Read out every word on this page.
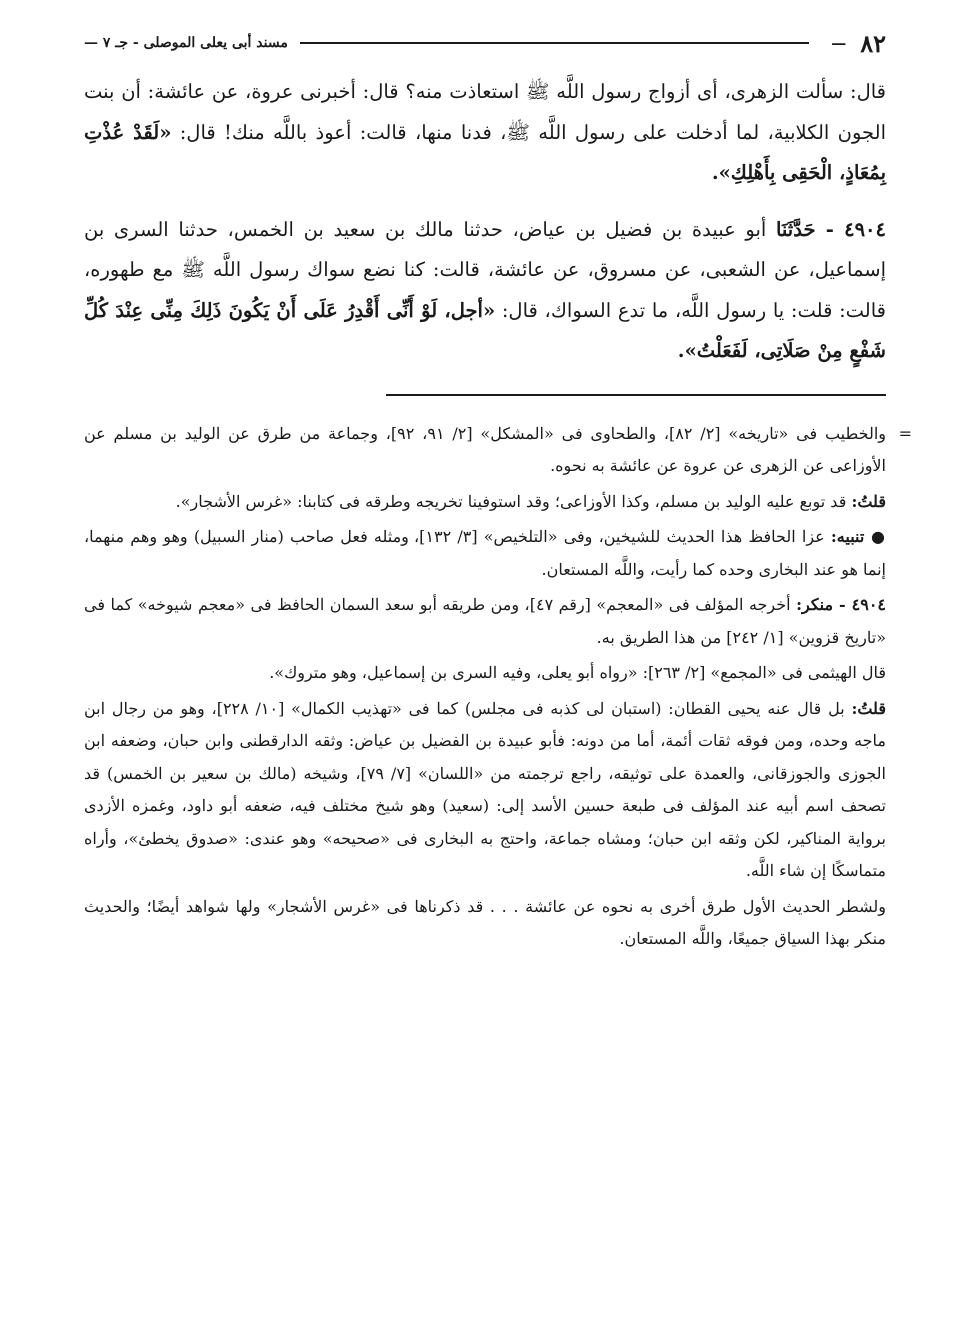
٨٢
—
مسند أبى يعلى الموصلى - جـ ٧ —

قال: سألت الزهرى، أى أزواج رسول اللَّه ﷺ استعاذت منه؟ قال: أخبرنى عروة، عن عائشة: أن بنت الجون الكلابية، لما أدخلت على رسول اللَّه ﷺ، فدنا منها، قالت: أعوذ باللَّه منك! قال: «لَقَدْ عُذْتِ بِمُعَاذٍ، الْحَقِى بِأَهْلِكِ».

٤٩٠٤ - حَدَّثَنَا أبو عبيدة بن فضيل بن عياض، حدثنا مالك بن سعيد بن الخمس، حدثنا السرى بن إسماعيل، عن الشعبى، عن مسروق، عن عائشة، قالت: كنا نضع سواك رسول اللَّه ﷺ مع طهوره، قالت: قلت: يا رسول اللَّه، ما تدع السواك، قال: «أجل، لَوْ أَنِّى أَقْدِرُ عَلَى أَنْ يَكُونَ ذَلِكَ مِنِّى عِنْدَ كُلِّ شَفْعٍ مِنْ صَلَاتِى، لَفَعَلْتُ».

= والخطيب فى «تاريخه» [٢/ ٨٢]، والطحاوى فى «المشكل» [٢/ ٩١، ٩٢]، وجماعة من طرق عن الوليد بن مسلم عن الأوزاعى عن الزهرى عن عروة عن عائشة به نحوه.

قلتُ: قد توبع عليه الوليد بن مسلم، وكذا الأوزاعى؛ وقد استوفينا تخريجه وطرقه فى كتابنا: «غرس الأشجار».

● تنبيه: عزا الحافظ هذا الحديث للشيخين، وفى «التلخيص» [٣/ ١٣٢]، ومثله فعل صاحب (منار السبيل) وهو وهم منهما، إنما هو عند البخارى وحده كما رأيت، واللَّه المستعان.

٤٩٠٤ - منكر: أخرجه المؤلف فى «المعجم» [رقم ٤٧]، ومن طريقه أبو سعد السمان الحافظ فى «معجم شيوخه» كما فى «تاريخ قزوين» [١/ ٢٤٢] من هذا الطريق به.

قال الهيثمى فى «المجمع» [٢/ ٢٦٣]: «رواه أبو يعلى، وفيه السرى بن إسماعيل، وهو متروك».

قلتُ: بل قال عنه يحيى القطان: (استبان لى كذبه فى مجلس) كما فى «تهذيب الكمال» [١٠/ ٢٢٨]، وهو من رجال ابن ماجه وحده، ومن فوقه ثقات أئمة، أما من دونه: فأبو عبيدة بن الفضيل بن عياض: وثقه الدارقطنى وابن حبان، وضعفه ابن الجوزى والجوزقانى، والعمدة على توثيقه، راجع ترجمته من «اللسان» [٧/ ٧٩]، وشيخه (مالك بن سعير بن الخمس) قد تصحف اسم أبيه عند المؤلف فى طبعة حسين الأسد إلى: (سعيد) وهو شيخ مختلف فيه، ضعفه أبو داود، وغمزه الأزدى برواية المناكير، لكن وثقه ابن حبان؛ ومشاه جماعة، واحتج به البخارى فى «صحيحه» وهو عندى: «صدوق يخطئ»، وأراه متماسكًا إن شاء اللَّه.

ولشطر الحديث الأول طرق أخرى به نحوه عن عائشة . . . قد ذكرناها فى «غرس الأشجار» ولها شواهد أيضًا؛ والحديث منكر بهذا السياق جميعًا، واللَّه المستعان.
